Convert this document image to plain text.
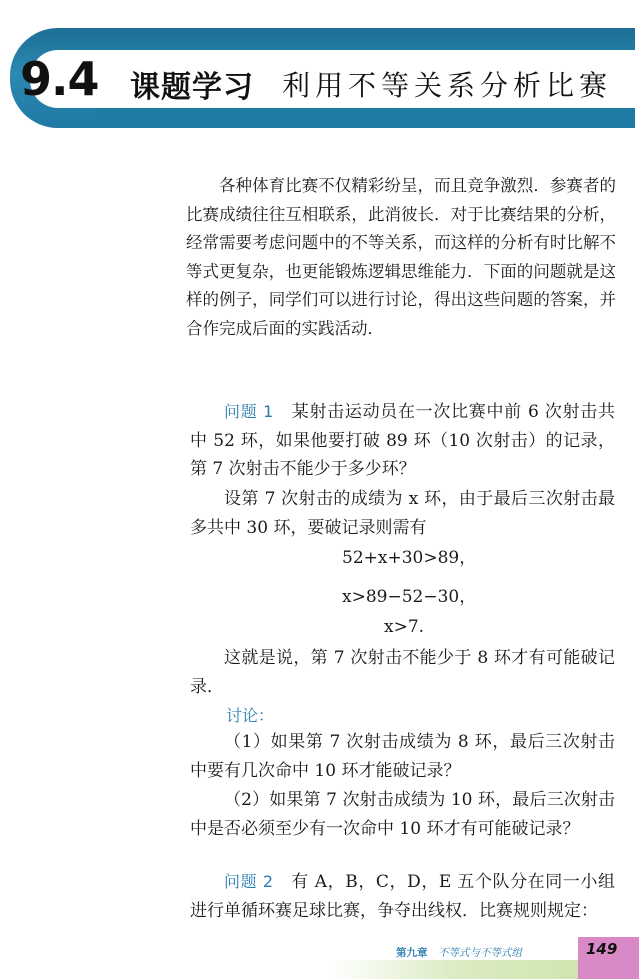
9.4 课题学习 利用不等关系分析比赛

各种体育比赛不仅精彩纷呈，而且竞争激烈．参赛者的比赛成绩往往互相联系，此消彼长．对于比赛结果的分析，经常需要考虑问题中的不等关系，而这样的分析有时比解不等式更复杂，也更能锻炼逻辑思维能力．下面的问题就是这样的例子，同学们可以进行讨论，得出这些问题的答案，并合作完成后面的实践活动．

问题 1　 某射击运动员在一次比赛中前 6 次射击共中 52 环，如果他要打破 89 环（10 次射击）的记录，第 7 次射击不能少于多少环？
设第 7 次射击的成绩为 x 环，由于最后三次射击最多共中 30 环，要破记录则需有
52+x+30>89，
x>89−52−30，
x>7.
这就是说，第 7 次射击不能少于 8 环才有可能破记录．
讨论：
（1）如果第 7 次射击成绩为 8 环，最后三次射击中要有几次命中 10 环才能破记录？
（2）如果第 7 次射击成绩为 10 环，最后三次射击中是否必须至少有一次命中 10 环才有可能破记录？
问题 2　 有 A，B，C，D，E 五个队分在同一小组进行单循环赛足球比赛，争夺出线权．比赛规则规定：
第九章 不等式与不等式组	149
